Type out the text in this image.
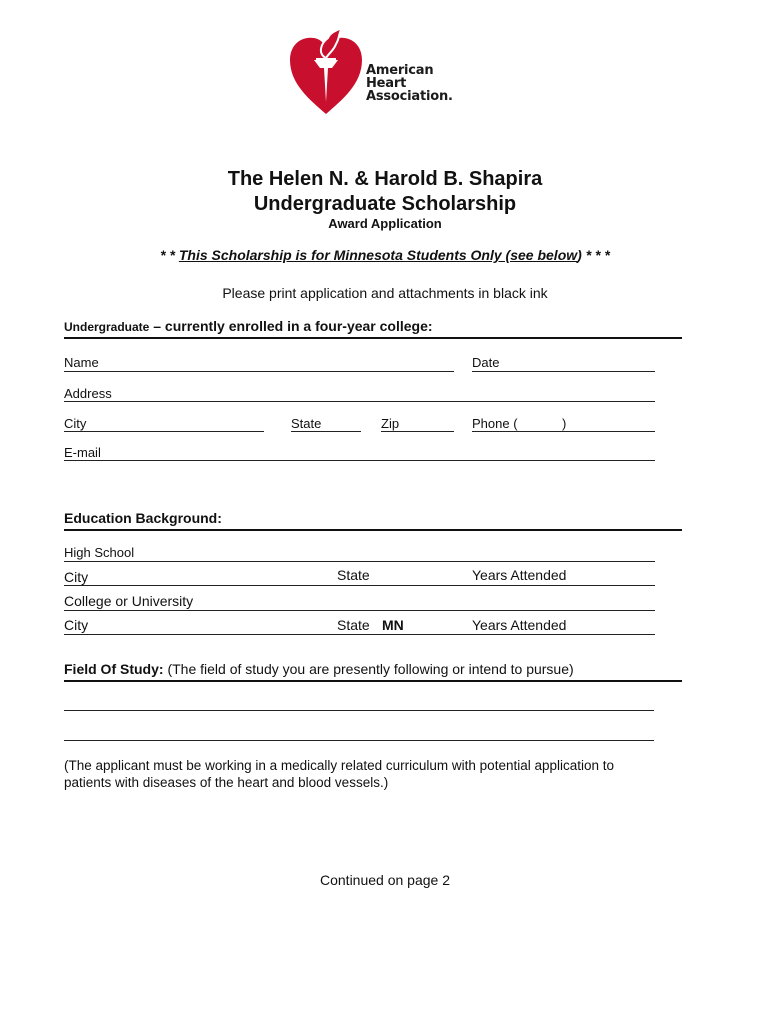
American
Heart
Association.
The Helen N. & Harold B. Shapira
Undergraduate Scholarship
Award Application
* * This Scholarship is for Minnesota Students Only (see below) * * *
Please print application and attachments in black ink
Undergraduate – currently enrolled in a four-year college:
Name	Date
Address
City	State	Zip	Phone (	)
E-mail
Education Background:
High School
City	State	Years Attended
College or University
City	State MN	Years Attended
Field Of Study: (The field of study you are presently following or intend to pursue)
(The applicant must be working in a medically related curriculum with potential application to patients with diseases of the heart and blood vessels.)
Continued on page 2
